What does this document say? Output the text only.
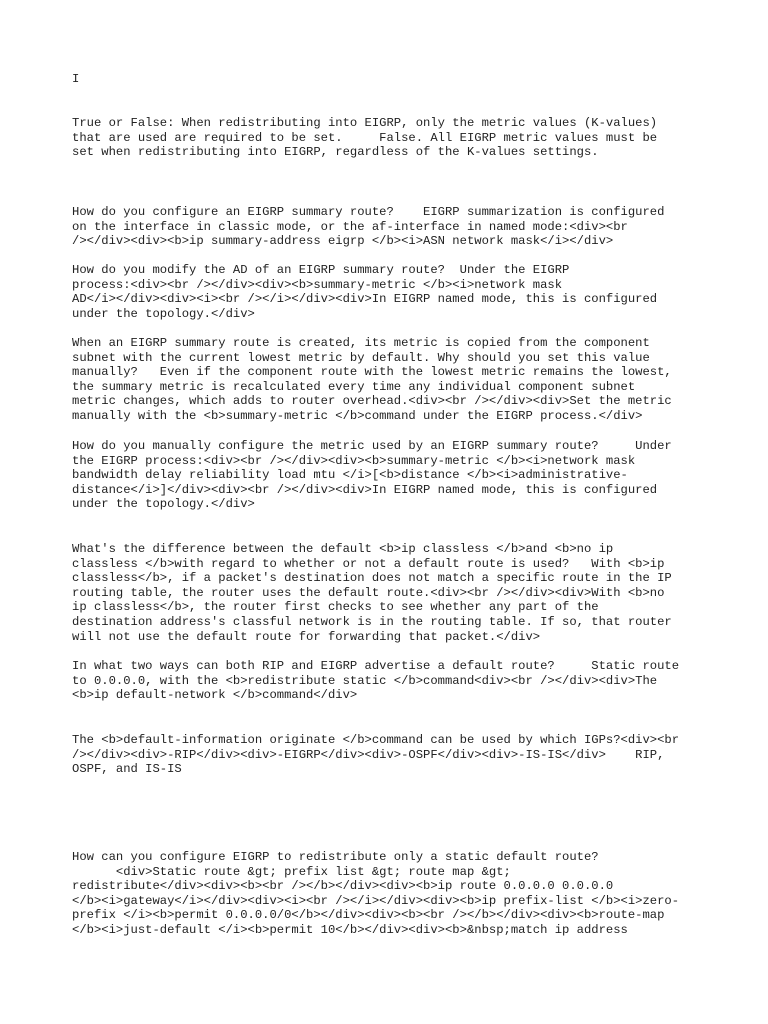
I
True or False: When redistributing into EIGRP, only the metric values (K-values)
that are used are required to be set.     False. All EIGRP metric values must be
set when redistributing into EIGRP, regardless of the K-values settings.
How do you configure an EIGRP summary route?    EIGRP summarization is configured
on the interface in classic mode, or the af-interface in named mode:<div><br
/></div><div><b>ip summary-address eigrp </b><i>ASN network mask</i></div>
How do you modify the AD of an EIGRP summary route?  Under the EIGRP
process:<div><br /></div><div><b>summary-metric </b><i>network mask
AD</i></div><div><i><br /></i></div><div>In EIGRP named mode, this is configured
under the topology.</div>
When an EIGRP summary route is created, its metric is copied from the component
subnet with the current lowest metric by default. Why should you set this value
manually?   Even if the component route with the lowest metric remains the lowest,
the summary metric is recalculated every time any individual component subnet
metric changes, which adds to router overhead.<div><br /></div><div>Set the metric
manually with the <b>summary-metric </b>command under the EIGRP process.</div>
How do you manually configure the metric used by an EIGRP summary route?     Under
the EIGRP process:<div><br /></div><div><b>summary-metric </b><i>network mask
bandwidth delay reliability load mtu </i>[<b>distance </b><i>administrative-
distance</i>]</div><div><br /></div><div>In EIGRP named mode, this is configured
under the topology.</div>
What's the difference between the default <b>ip classless </b>and <b>no ip
classless </b>with regard to whether or not a default route is used?   With <b>ip
classless</b>, if a packet's destination does not match a specific route in the IP
routing table, the router uses the default route.<div><br /></div><div>With <b>no
ip classless</b>, the router first checks to see whether any part of the
destination address's classful network is in the routing table. If so, that router
will not use the default route for forwarding that packet.</div>
In what two ways can both RIP and EIGRP advertise a default route?     Static route
to 0.0.0.0, with the <b>redistribute static </b>command<div><br /></div><div>The
<b>ip default-network </b>command</div>
The <b>default-information originate </b>command can be used by which IGPs?<div><br
/></div><div>-RIP</div><div>-EIGRP</div><div>-OSPF</div><div>-IS-IS</div>    RIP,
OSPF, and IS-IS
How can you configure EIGRP to redistribute only a static default route?
<div>Static route &gt; prefix list &gt; route map &gt;
redistribute</div><div><b><br /></b></div><div><b>ip route 0.0.0.0 0.0.0.0
</b><i>gateway</i></div><div><i><br /></i></div><div><b>ip prefix-list </b><i>zero-
prefix </i><b>permit 0.0.0.0/0</b></div><div><b><br /></b></div><div><b>route-map
</b><i>just-default </i><b>permit 10</b></div><div><b>&nbsp;match ip address
